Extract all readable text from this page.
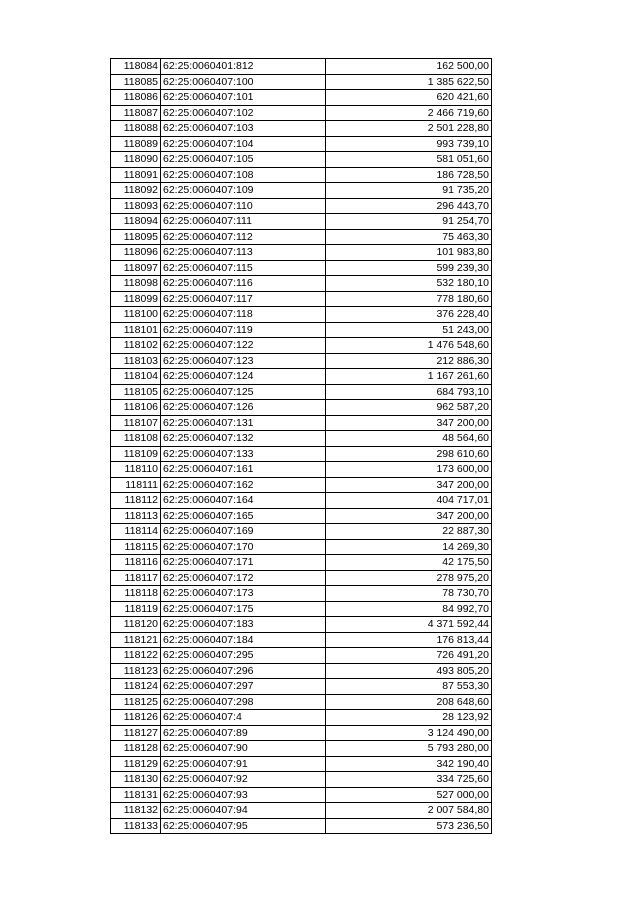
118084	62:25:0060401:812	162 500,00
118085	62:25:0060407:100	1 385 622,50
118086	62:25:0060407:101	620 421,60
118087	62:25:0060407:102	2 466 719,60
118088	62:25:0060407:103	2 501 228,80
118089	62:25:0060407:104	993 739,10
118090	62:25:0060407:105	581 051,60
118091	62:25:0060407:108	186 728,50
118092	62:25:0060407:109	91 735,20
118093	62:25:0060407:110	296 443,70
118094	62:25:0060407:111	91 254,70
118095	62:25:0060407:112	75 463,30
118096	62:25:0060407:113	101 983,80
118097	62:25:0060407:115	599 239,30
118098	62:25:0060407:116	532 180,10
118099	62:25:0060407:117	778 180,60
118100	62:25:0060407:118	376 228,40
118101	62:25:0060407:119	51 243,00
118102	62:25:0060407:122	1 476 548,60
118103	62:25:0060407:123	212 886,30
118104	62:25:0060407:124	1 167 261,60
118105	62:25:0060407:125	684 793,10
118106	62:25:0060407:126	962 587,20
118107	62:25:0060407:131	347 200,00
118108	62:25:0060407:132	48 564,60
118109	62:25:0060407:133	298 610,60
118110	62:25:0060407:161	173 600,00
118111	62:25:0060407:162	347 200,00
118112	62:25:0060407:164	404 717,01
118113	62:25:0060407:165	347 200,00
118114	62:25:0060407:169	22 887,30
118115	62:25:0060407:170	14 269,30
118116	62:25:0060407:171	42 175,50
118117	62:25:0060407:172	278 975,20
118118	62:25:0060407:173	78 730,70
118119	62:25:0060407:175	84 992,70
118120	62:25:0060407:183	4 371 592,44
118121	62:25:0060407:184	176 813,44
118122	62:25:0060407:295	726 491,20
118123	62:25:0060407:296	493 805,20
118124	62:25:0060407:297	87 553,30
118125	62:25:0060407:298	208 648,60
118126	62:25:0060407:4	28 123,92
118127	62:25:0060407:89	3 124 490,00
118128	62:25:0060407:90	5 793 280,00
118129	62:25:0060407:91	342 190,40
118130	62:25:0060407:92	334 725,60
118131	62:25:0060407:93	527 000,00
118132	62:25:0060407:94	2 007 584,80
118133	62:25:0060407:95	573 236,50
